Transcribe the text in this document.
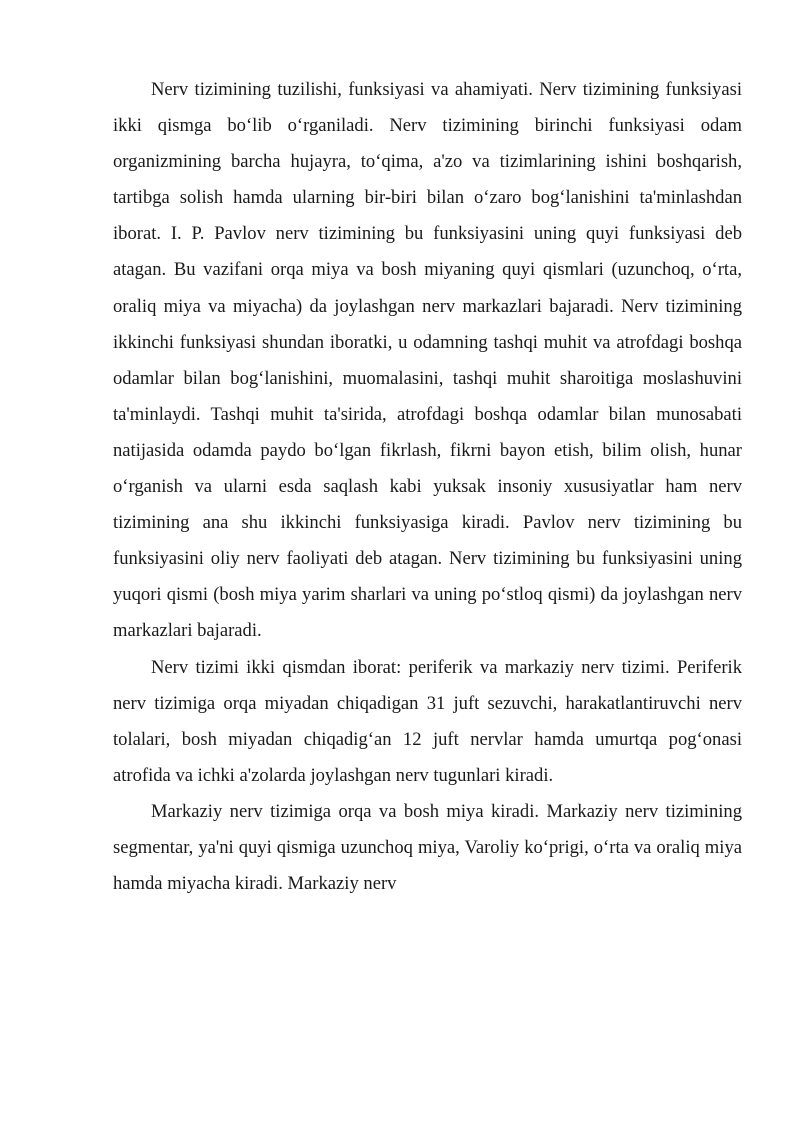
Nerv tizimining tuzilishi, funksiyasi va ahamiyati. Nerv tizimining funksiyasi ikki qismga bo‘lib o‘rganiladi. Nerv tizimining birinchi funksiyasi odam organizmining barcha hujayra, to‘qima, a'zo va tizimlarining ishini boshqarish, tartibga solish hamda ularning bir-biri bilan o‘zaro bog‘lanishini ta'minlashdan iborat. I. P. Pavlov nerv tizimining bu funksiyasini uning quyi funksiyasi deb atagan. Bu vazifani orqa miya va bosh miyaning quyi qismlari (uzunchoq, o‘rta, oraliq miya va miyacha) da joylashgan nerv markazlari bajaradi. Nerv tizimining ikkinchi funksiyasi shundan iboratki, u odamning tashqi muhit va atrofdagi boshqa odamlar bilan bog‘lanishini, muomalasini, tashqi muhit sharoitiga moslashuvini ta'minlaydi. Tashqi muhit ta'sirida, atrofdagi boshqa odamlar bilan munosabati natijasida odamda paydo bo‘lgan fikrlash, fikrni bayon etish, bilim olish, hunar o‘rganish va ularni esda saqlash kabi yuksak insoniy xususiyatlar ham nerv tizimining ana shu ikkinchi funksiyasiga kiradi. Pavlov nerv tizimining bu funksiyasini oliy nerv faoliyati deb atagan. Nerv tizimining bu funksiyasini uning yuqori qismi (bosh miya yarim sharlari va uning po‘stloq qismi) da joylashgan nerv markazlari bajaradi.

Nerv tizimi ikki qismdan iborat: periferik va markaziy nerv tizimi. Periferik nerv tizimiga orqa miyadan chiqadigan 31 juft sezuvchi, harakatlantiruvchi nerv tolalari, bosh miyadan chiqadig‘an 12 juft nervlar hamda umurtqa pog‘onasi atrofida va ichki a'zolarda joylashgan nerv tugunlari kiradi.

Markaziy nerv tizimiga orqa va bosh miya kiradi. Markaziy nerv tizimining segmentar, ya'ni quyi qismiga uzunchoq miya, Varoliy ko‘prigi, o‘rta va oraliq miya hamda miyacha kiradi. Markaziy nerv
